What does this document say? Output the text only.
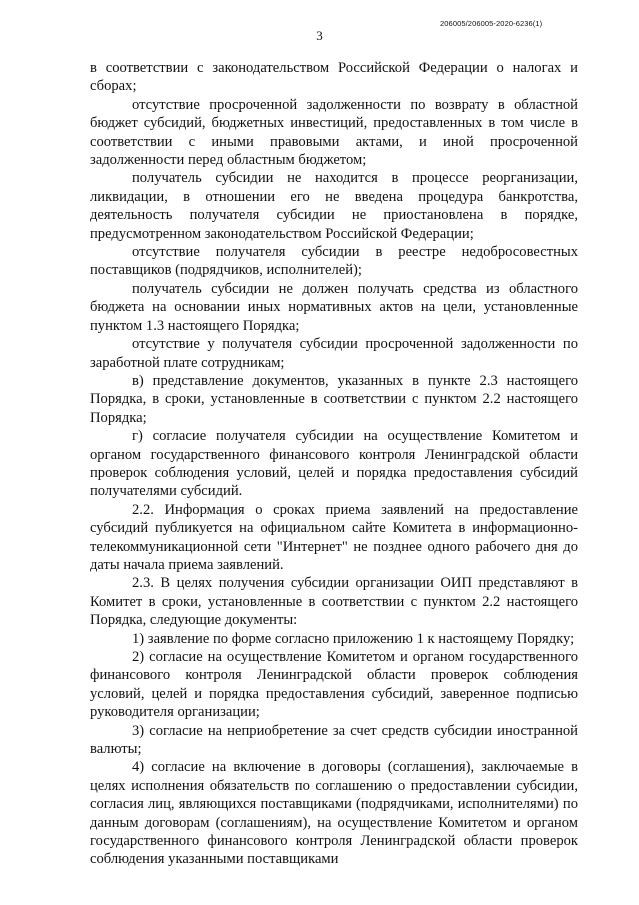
206005/206005-2020-6236(1)
3

в соответствии с законодательством Российской Федерации о налогах и сборах;

отсутствие просроченной задолженности по возврату в областной бюджет субсидий, бюджетных инвестиций, предоставленных в том числе в соответствии с иными правовыми актами, и иной просроченной задолженности перед областным бюджетом;

получатель субсидии не находится в процессе реорганизации, ликвидации, в отношении его не введена процедура банкротства, деятельность получателя субсидии не приостановлена в порядке, предусмотренном законодательством Российской Федерации;

отсутствие получателя субсидии в реестре недобросовестных поставщиков (подрядчиков, исполнителей);

получатель субсидии не должен получать средства из областного бюджета на основании иных нормативных актов на цели, установленные пунктом 1.3 настоящего Порядка;

отсутствие у получателя субсидии просроченной задолженности по заработной плате сотрудникам;

в) представление документов, указанных в пункте 2.3 настоящего Порядка, в сроки, установленные в соответствии с пунктом 2.2 настоящего Порядка;

г) согласие получателя субсидии на осуществление Комитетом и органом государственного финансового контроля Ленинградской области проверок соблюдения условий, целей и порядка предоставления субсидий получателями субсидий.

2.2. Информация о сроках приема заявлений на предоставление субсидий публикуется на официальном сайте Комитета в информационно-телекоммуникационной сети "Интернет" не позднее одного рабочего дня до даты начала приема заявлений.

2.3. В целях получения субсидии организации ОИП представляют в Комитет в сроки, установленные в соответствии с пунктом 2.2 настоящего Порядка, следующие документы:

1) заявление по форме согласно приложению 1 к настоящему Порядку;

2) согласие на осуществление Комитетом и органом государственного финансового контроля Ленинградской области проверок соблюдения условий, целей и порядка предоставления субсидий, заверенное подписью руководителя организации;

3) согласие на неприобретение за счет средств субсидии иностранной валюты;

4) согласие на включение в договоры (соглашения), заключаемые в целях исполнения обязательств по соглашению о предоставлении субсидии, согласия лиц, являющихся поставщиками (подрядчиками, исполнителями) по данным договорам (соглашениям), на осуществление Комитетом и органом государственного финансового контроля Ленинградской области проверок соблюдения указанными поставщиками
